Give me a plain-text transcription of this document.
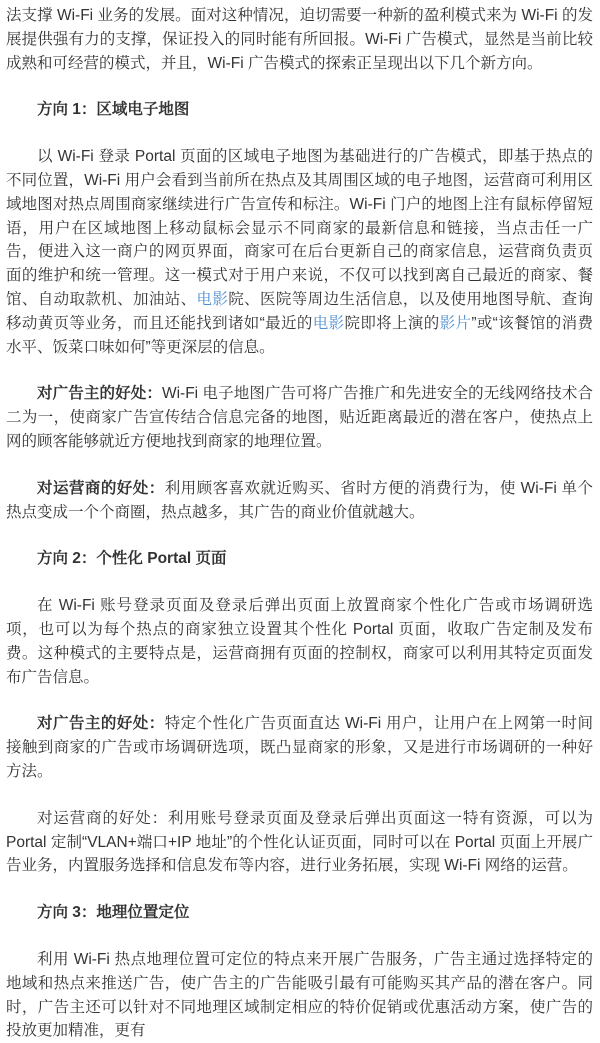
法支撑 Wi-Fi 业务的发展。面对这种情况，迫切需要一种新的盈利模式来为 Wi-Fi 的发展提供强有力的支撑，保证投入的同时能有所回报。Wi-Fi 广告模式，显然是当前比较成熟和可经营的模式，并且，Wi-Fi 广告模式的探索正呈现出以下几个新方向。

方向 1：区域电子地图

以 Wi-Fi 登录 Portal 页面的区域电子地图为基础进行的广告模式，即基于热点的不同位置，Wi-Fi 用户会看到当前所在热点及其周围区域的电子地图，运营商可利用区域地图对热点周围商家继续进行广告宣传和标注。Wi-Fi 门户的地图上注有鼠标停留短语，用户在区域地图上移动鼠标会显示不同商家的最新信息和链接，当点击任一广告，便进入这一商户的网页界面，商家可在后台更新自己的商家信息，运营商负责页面的维护和统一管理。这一模式对于用户来说，不仅可以找到离自己最近的商家、餐馆、自动取款机、加油站、电影院、医院等周边生活信息，以及使用地图导航、查询移动黄页等业务，而且还能找到诸如“最近的电影院即将上演的影片”或“该餐馆的消费水平、饭菜口味如何”等更深层的信息。

对广告主的好处：Wi-Fi 电子地图广告可将广告推广和先进安全的无线网络技术合二为一，使商家广告宣传结合信息完备的地图，贴近距离最近的潜在客户，使热点上网的顾客能够就近方便地找到商家的地理位置。

对运营商的好处：利用顾客喜欢就近购买、省时方便的消费行为，使 Wi-Fi 单个热点变成一个个商圈，热点越多，其广告的商业价值就越大。

方向 2：个性化 Portal 页面

在 Wi-Fi 账号登录页面及登录后弹出页面上放置商家个性化广告或市场调研选项，也可以为每个热点的商家独立设置其个性化 Portal 页面，收取广告定制及发布费。这种模式的主要特点是，运营商拥有页面的控制权，商家可以利用其特定页面发布广告信息。

对广告主的好处：特定个性化广告页面直达 Wi-Fi 用户，让用户在上网第一时间接触到商家的广告或市场调研选项，既凸显商家的形象，又是进行市场调研的一种好方法。

对运营商的好处：利用账号登录页面及登录后弹出页面这一特有资源，可以为 Portal 定制“VLAN+端口+IP 地址”的个性化认证页面，同时可以在 Portal 页面上开展广告业务，内置服务选择和信息发布等内容，进行业务拓展，实现 Wi-Fi 网络的运营。

方向 3：地理位置定位

利用 Wi-Fi 热点地理位置可定位的特点来开展广告服务，广告主通过选择特定的地域和热点来推送广告，使广告主的广告能吸引最有可能购买其产品的潜在客户。同时，广告主还可以针对不同地理区域制定相应的特价促销或优惠活动方案，使广告的投放更加精准，更有
